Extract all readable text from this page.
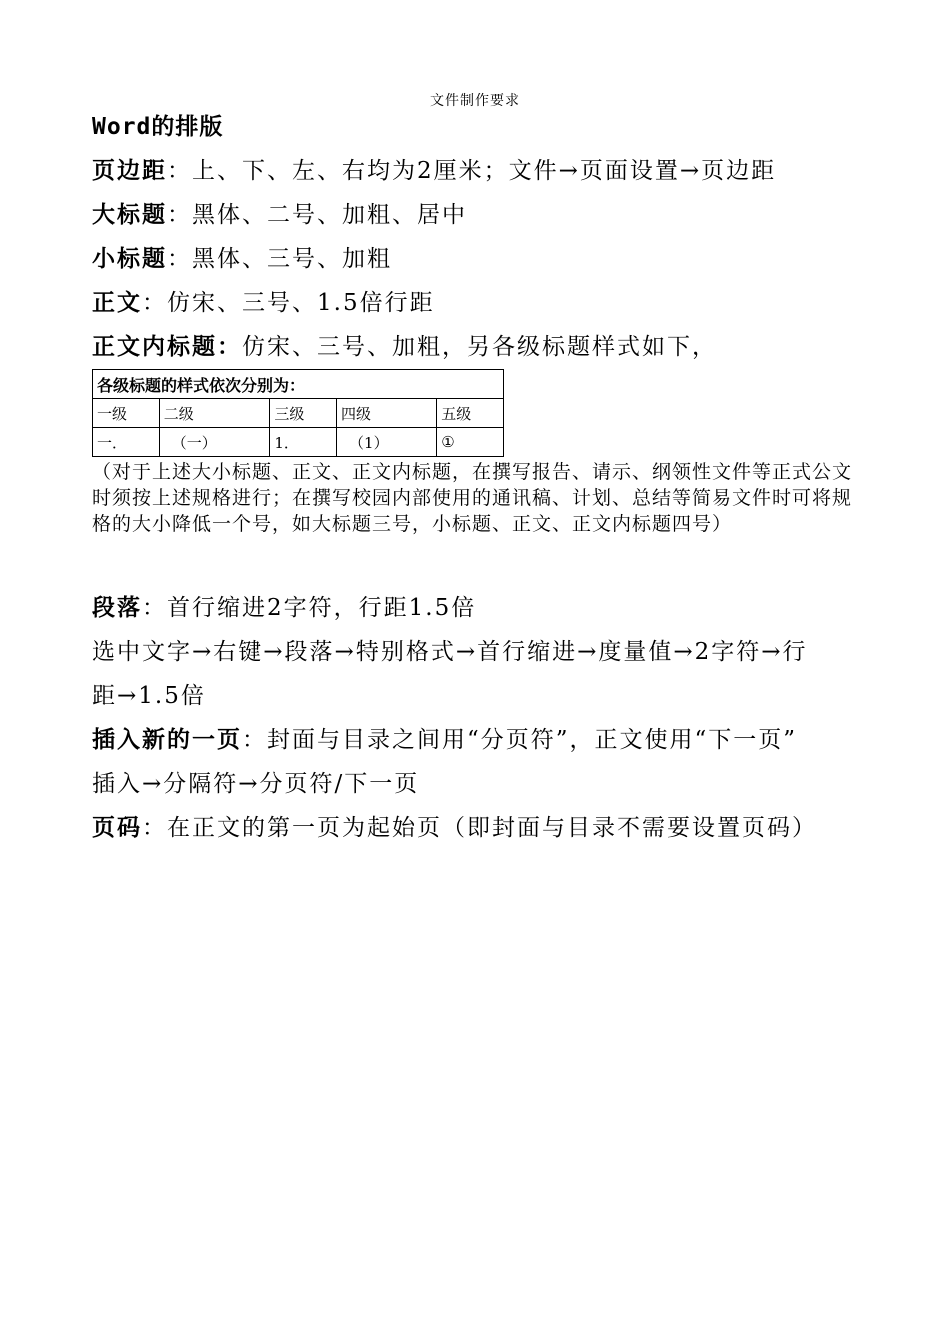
文件制作要求
Word的排版
页边距：上、下、左、右均为2厘米；文件→页面设置→页边距
大标题：黑体、二号、加粗、居中
小标题：黑体、三号、加粗
正文：仿宋、三号、1.5倍行距
正文内标题：仿宋、三号、加粗，另各级标题样式如下，
各级标题的样式依次分别为：				
一级	二级	三级	四级	五级
一．	（一）	1．	（1）	①
（对于上述大小标题、正文、正文内标题，在撰写报告、请示、纲领性文件等正式公文时须按上述规格进行；在撰写校园内部使用的通讯稿、计划、总结等简易文件时可将规格的大小降低一个号，如大标题三号，小标题、正文、正文内标题四号）
段落：首行缩进2字符，行距1.5倍
选中文字→右键→段落→特别格式→首行缩进→度量值→2字符→行
距→1.5倍
插入新的一页：封面与目录之间用“分页符”，正文使用“下一页”
插入→分隔符→分页符/下一页
页码：在正文的第一页为起始页（即封面与目录不需要设置页码）
